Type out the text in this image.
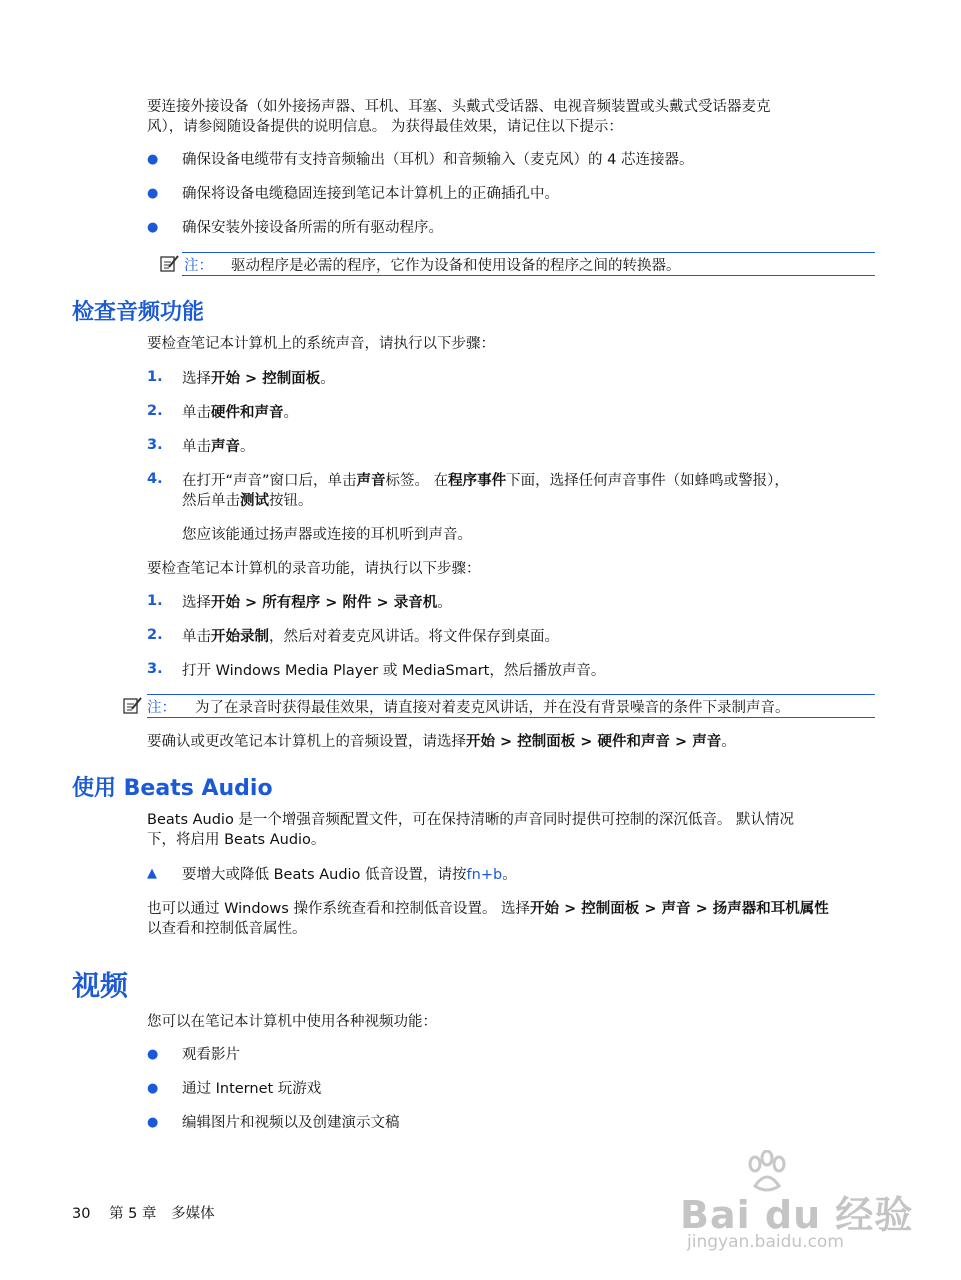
要连接外接设备（如外接扬声器、耳机、耳塞、头戴式受话器、电视音频装置或头戴式受话器麦克
风），请参阅随设备提供的说明信息。 为获得最佳效果，请记住以下提示：
● 确保设备电缆带有支持音频输出（耳机）和音频输入（麦克风）的 4 芯连接器。
● 确保将设备电缆稳固连接到笔记本计算机上的正确插孔中。
● 确保安装外接设备所需的所有驱动程序。
注： 驱动程序是必需的程序，它作为设备和使用设备的程序之间的转换器。
检查音频功能
要检查笔记本计算机上的系统声音，请执行以下步骤：
1. 选择开始 > 控制面板。
2. 单击硬件和声音。
3. 单击声音。
4. 在打开“声音”窗口后，单击声音标签。 在程序事件下面，选择任何声音事件（如蜂鸣或警报），
然后单击测试按钮。
您应该能通过扬声器或连接的耳机听到声音。
要检查笔记本计算机的录音功能，请执行以下步骤：
1. 选择开始 > 所有程序 > 附件 > 录音机。
2. 单击开始录制，然后对着麦克风讲话。将文件保存到桌面。
3. 打开 Windows Media Player 或 MediaSmart，然后播放声音。
注： 为了在录音时获得最佳效果，请直接对着麦克风讲话，并在没有背景噪音的条件下录制声音。
要确认或更改笔记本计算机上的音频设置，请选择开始 > 控制面板 > 硬件和声音 > 声音。
使用 Beats Audio
Beats Audio 是一个增强音频配置文件，可在保持清晰的声音同时提供可控制的深沉低音。 默认情况
下，将启用 Beats Audio。
▲ 要增大或降低 Beats Audio 低音设置，请按fn+b。
也可以通过 Windows 操作系统查看和控制低音设置。 选择开始 > 控制面板 > 声音 > 扬声器和耳机属性
以查看和控制低音属性。
视频
您可以在笔记本计算机中使用各种视频功能：
● 观看影片
● 通过 Internet 玩游戏
● 编辑图片和视频以及创建演示文稿
30 第 5 章 多媒体	Bai du 经验
jingyan.baidu.com
